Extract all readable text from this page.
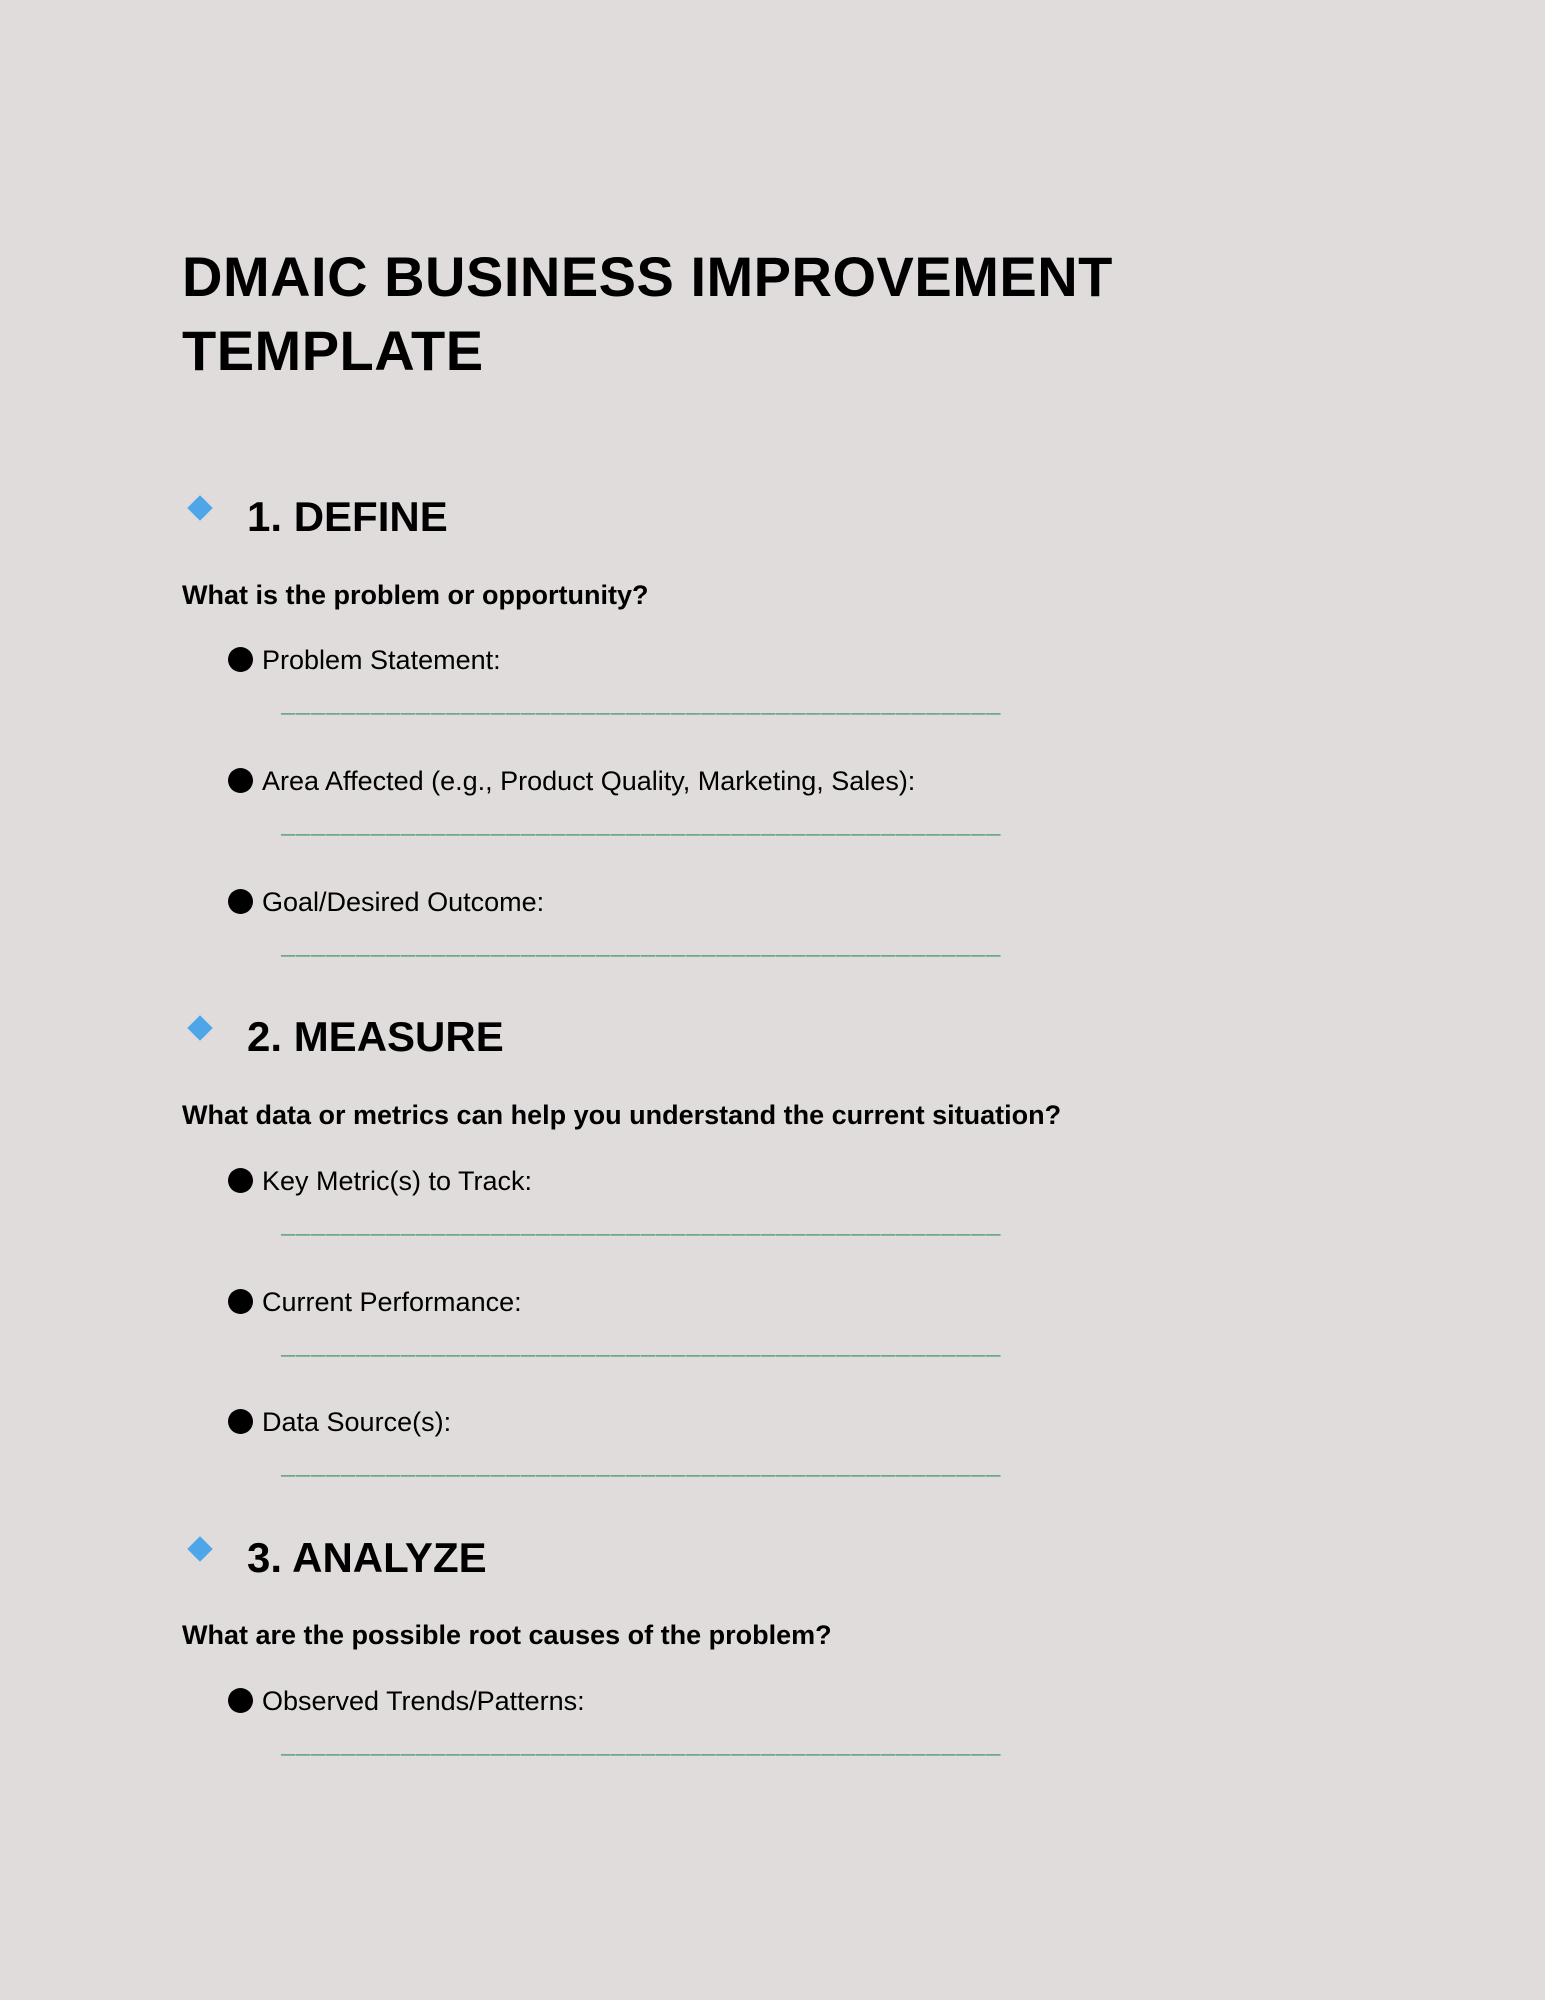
DMAIC BUSINESS IMPROVEMENT TEMPLATE
1. DEFINE
What is the problem or opportunity?
Problem Statement:
________________________________________________
Area Affected (e.g., Product Quality, Marketing, Sales):
________________________________________________
Goal/Desired Outcome:
________________________________________________
2. MEASURE
What data or metrics can help you understand the current situation?
Key Metric(s) to Track:
________________________________________________
Current Performance:
________________________________________________
Data Source(s):
________________________________________________
3. ANALYZE
What are the possible root causes of the problem?
Observed Trends/Patterns:
________________________________________________
